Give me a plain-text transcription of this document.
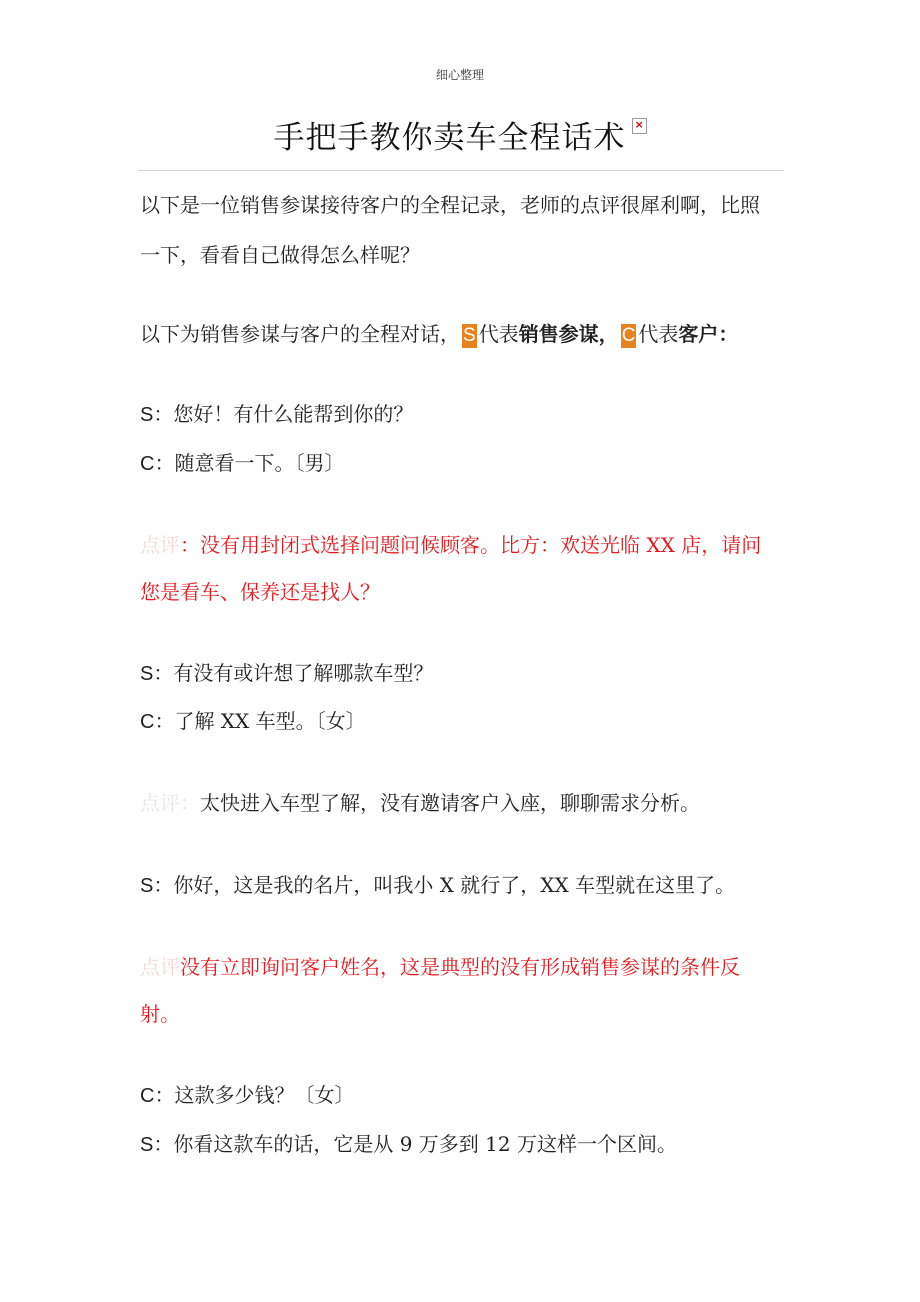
细心整理
手把手教你卖车全程话术 ×
以下是一位销售参谋接待客户的全程记录，老师的点评很犀利啊，比照
一下，看看自己做得怎么样呢？
以下为销售参谋与客户的全程对话， S 代表销售参谋， C 代表客户：
S：您好！有什么能帮到你的？
C：随意看一下。〔男〕
点评：没有用封闭式选择问题问候顾客。比方：欢送光临 XX 店，请问
您是看车、保养还是找人？
S：有没有或许想了解哪款车型？
C：了解 XX 车型。〔女〕
点评：太快进入车型了解，没有邀请客户入座，聊聊需求分析。
S：你好，这是我的名片，叫我小 X 就行了，XX 车型就在这里了。
点评没有立即询问客户姓名，这是典型的没有形成销售参谋的条件反
射。
C：这款多少钱？〔女〕
S：你看这款车的话，它是从 9 万多到 12 万这样一个区间。
